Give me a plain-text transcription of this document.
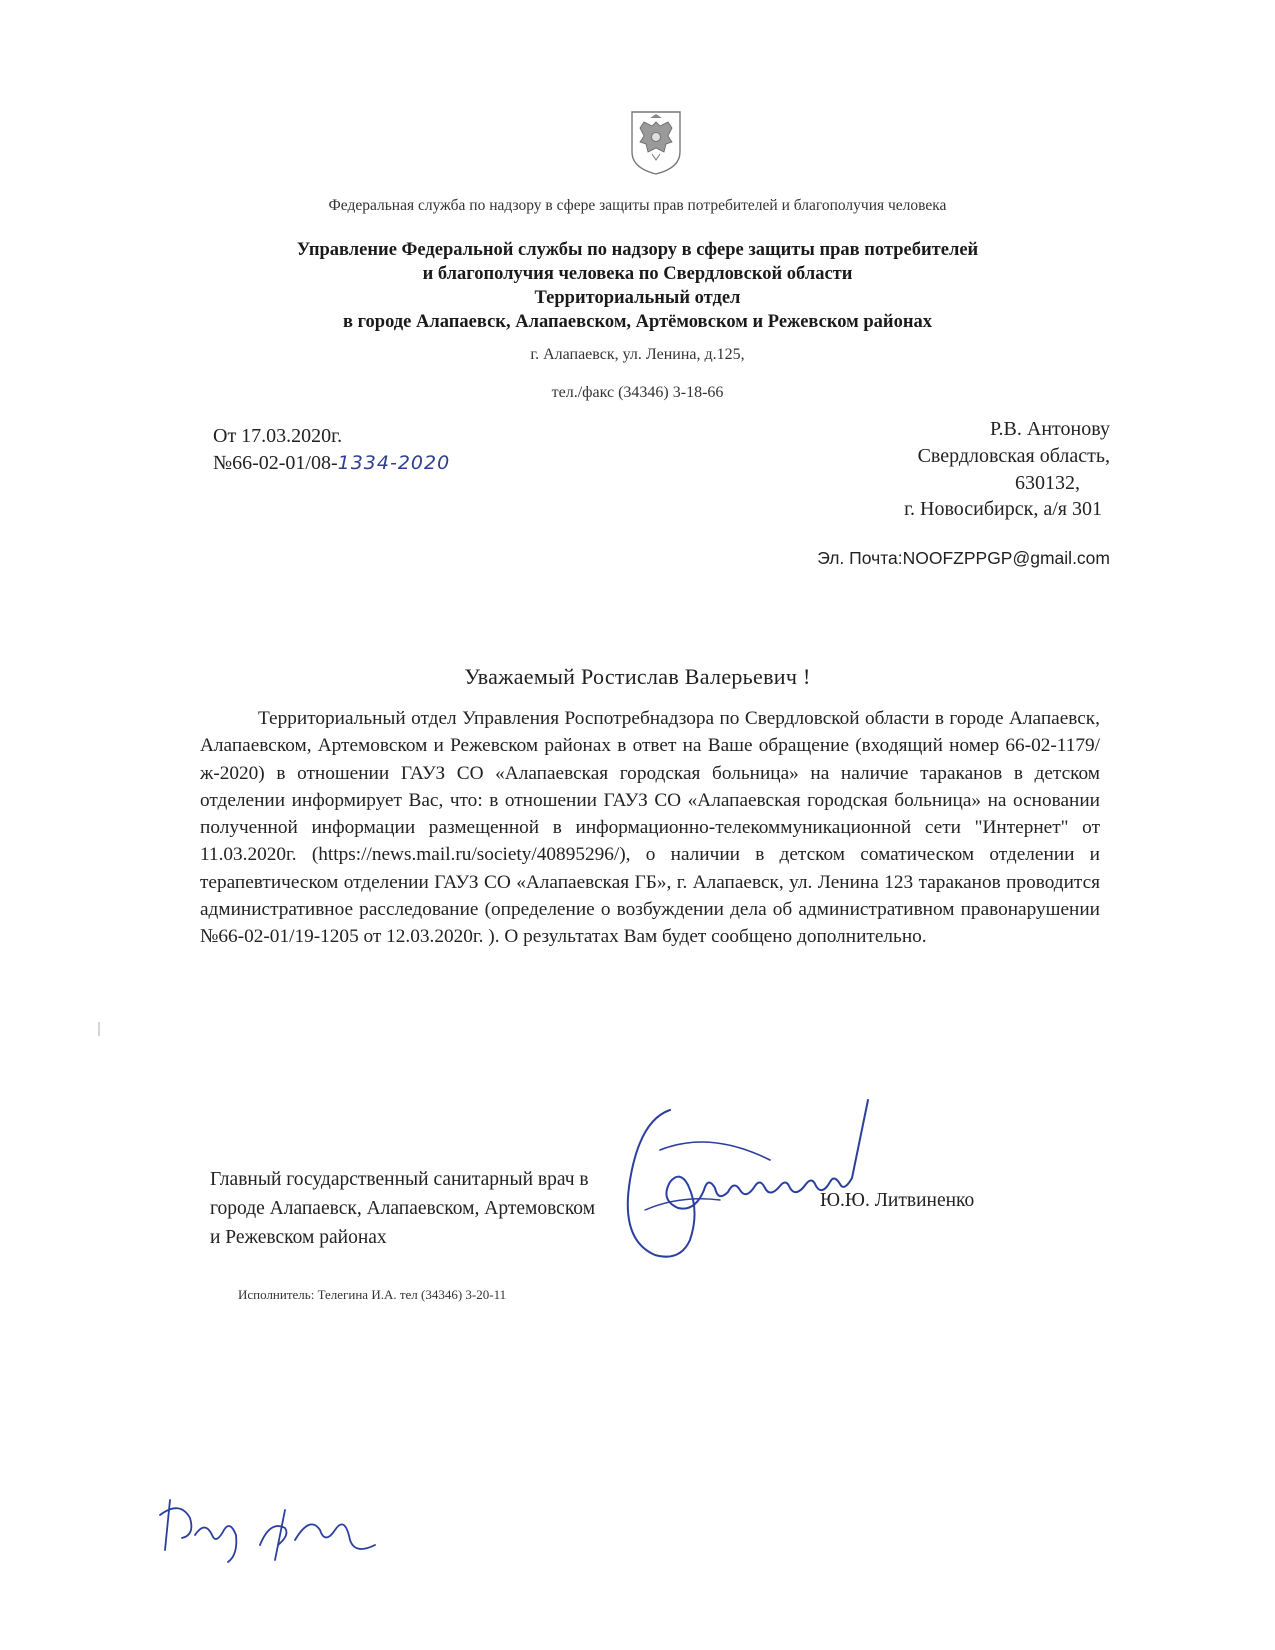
Федеральная служба по надзору в сфере защиты прав потребителей и благополучия человека
Управление Федеральной службы по надзору в сфере защиты прав потребителей
и благополучия человека по Свердловской области
Территориальный отдел
в городе Алапаевск, Алапаевском, Артёмовском и Режевском районах
г. Алапаевск, ул. Ленина, д.125,
тел./факс (34346) 3-18-66
От 17.03.2020г.
№66-02-01/08-1334-2020
Р.В. Антонову
Свердловская область,
630132,
г. Новосибирск, а/я 301
Эл. Почта:NOOFZPPGP@gmail.com
Уважаемый Ростислав Валерьевич !
Территориальный отдел Управления Роспотребнадзора по Свердловской области в городе Алапаевск, Алапаевском, Артемовском и Режевском районах в ответ на Ваше обращение (входящий номер 66-02-1179/ж-2020) в отношении ГАУЗ СО «Алапаевская городская больница» на наличие тараканов в детском отделении информирует Вас, что: в отношении ГАУЗ СО «Алапаевская городская больница» на основании полученной информации размещенной в информационно-телекоммуникационной сети "Интернет" от 11.03.2020г. (https://news.mail.ru/society/40895296/), о наличии в детском соматическом отделении и терапевтическом отделении ГАУЗ СО «Алапаевская ГБ», г. Алапаевск, ул. Ленина 123 тараканов проводится административное расследование (определение о возбуждении дела об административном правонарушении №66-02-01/19-1205 от 12.03.2020г. ). О результатах Вам будет сообщено дополнительно.
Главный государственный санитарный врач в
городе Алапаевск, Алапаевском, Артемовском
и Режевском районах
Ю.Ю. Литвиненко
Исполнитель: Телегина И.А. тел (34346) 3-20-11
